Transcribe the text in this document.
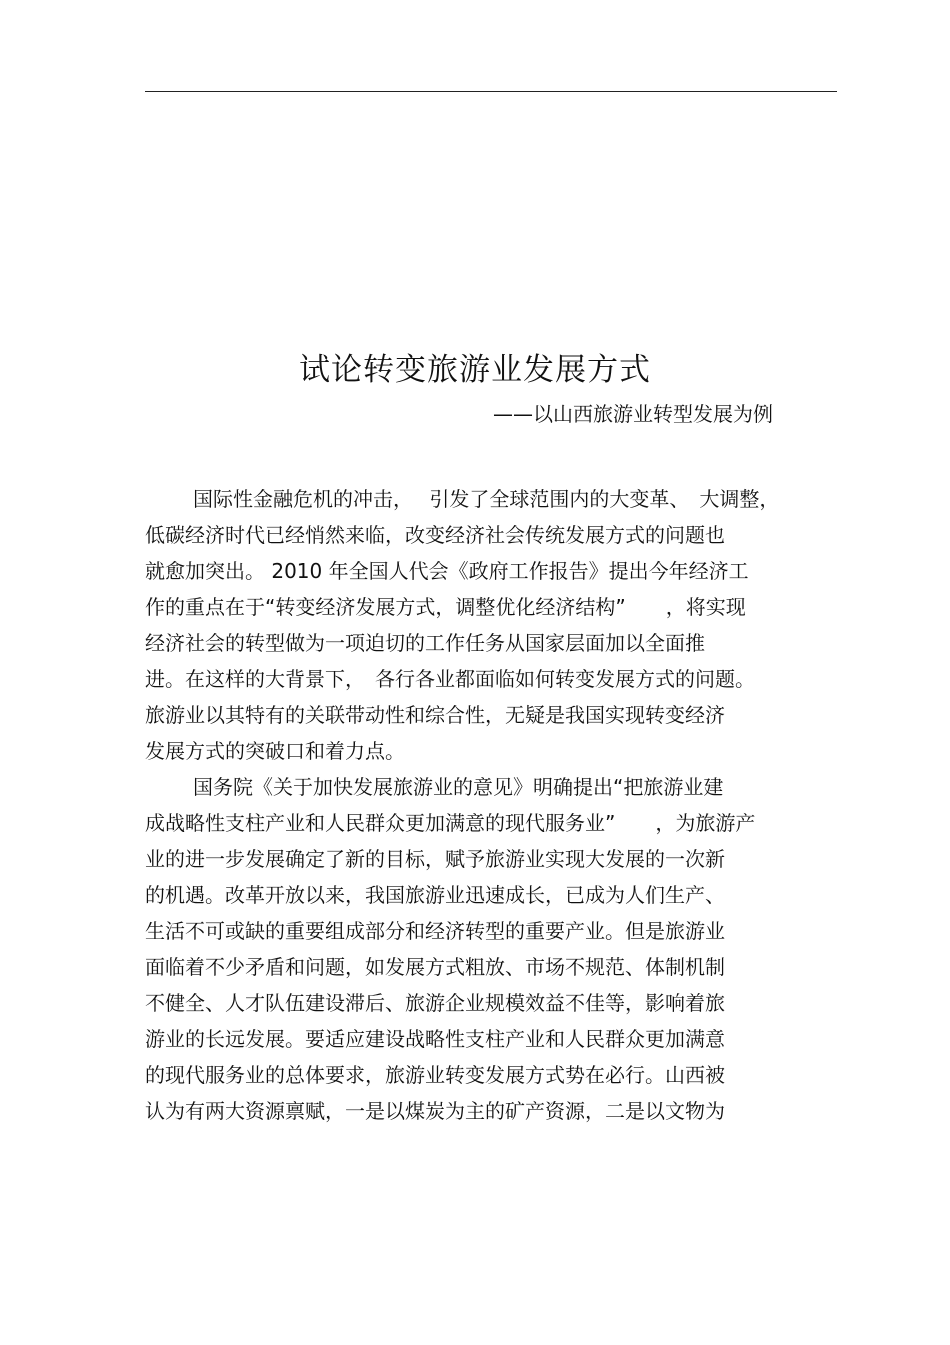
试论转变旅游业发展方式
——以山西旅游业转型发展为例
国际性金融危机的冲击，　 引发了全球范围内的大变革、　大调整，
低碳经济时代已经悄然来临，改变经济社会传统发展方式的问题也
就愈加突出。 2010 年全国人代会《政府工作报告》提出今年经济工
作的重点在于“转变经济发展方式，调整优化经济结构”　　，将实现
经济社会的转型做为一项迫切的工作任务从国家层面加以全面推
进。在这样的大背景下，　各行各业都面临如何转变发展方式的问题。
旅游业以其特有的关联带动性和综合性，无疑是我国实现转变经济
发展方式的突破口和着力点。
国务院《关于加快发展旅游业的意见》明确提出“把旅游业建
成战略性支柱产业和人民群众更加满意的现代服务业”　　，为旅游产
业的进一步发展确定了新的目标，赋予旅游业实现大发展的一次新
的机遇。改革开放以来，我国旅游业迅速成长，已成为人们生产、
生活不可或缺的重要组成部分和经济转型的重要产业。但是旅游业
面临着不少矛盾和问题，如发展方式粗放、市场不规范、体制机制
不健全、人才队伍建设滞后、旅游企业规模效益不佳等，影响着旅
游业的长远发展。要适应建设战略性支柱产业和人民群众更加满意
的现代服务业的总体要求，旅游业转变发展方式势在必行。山西被
认为有两大资源禀赋，一是以煤炭为主的矿产资源，二是以文物为
